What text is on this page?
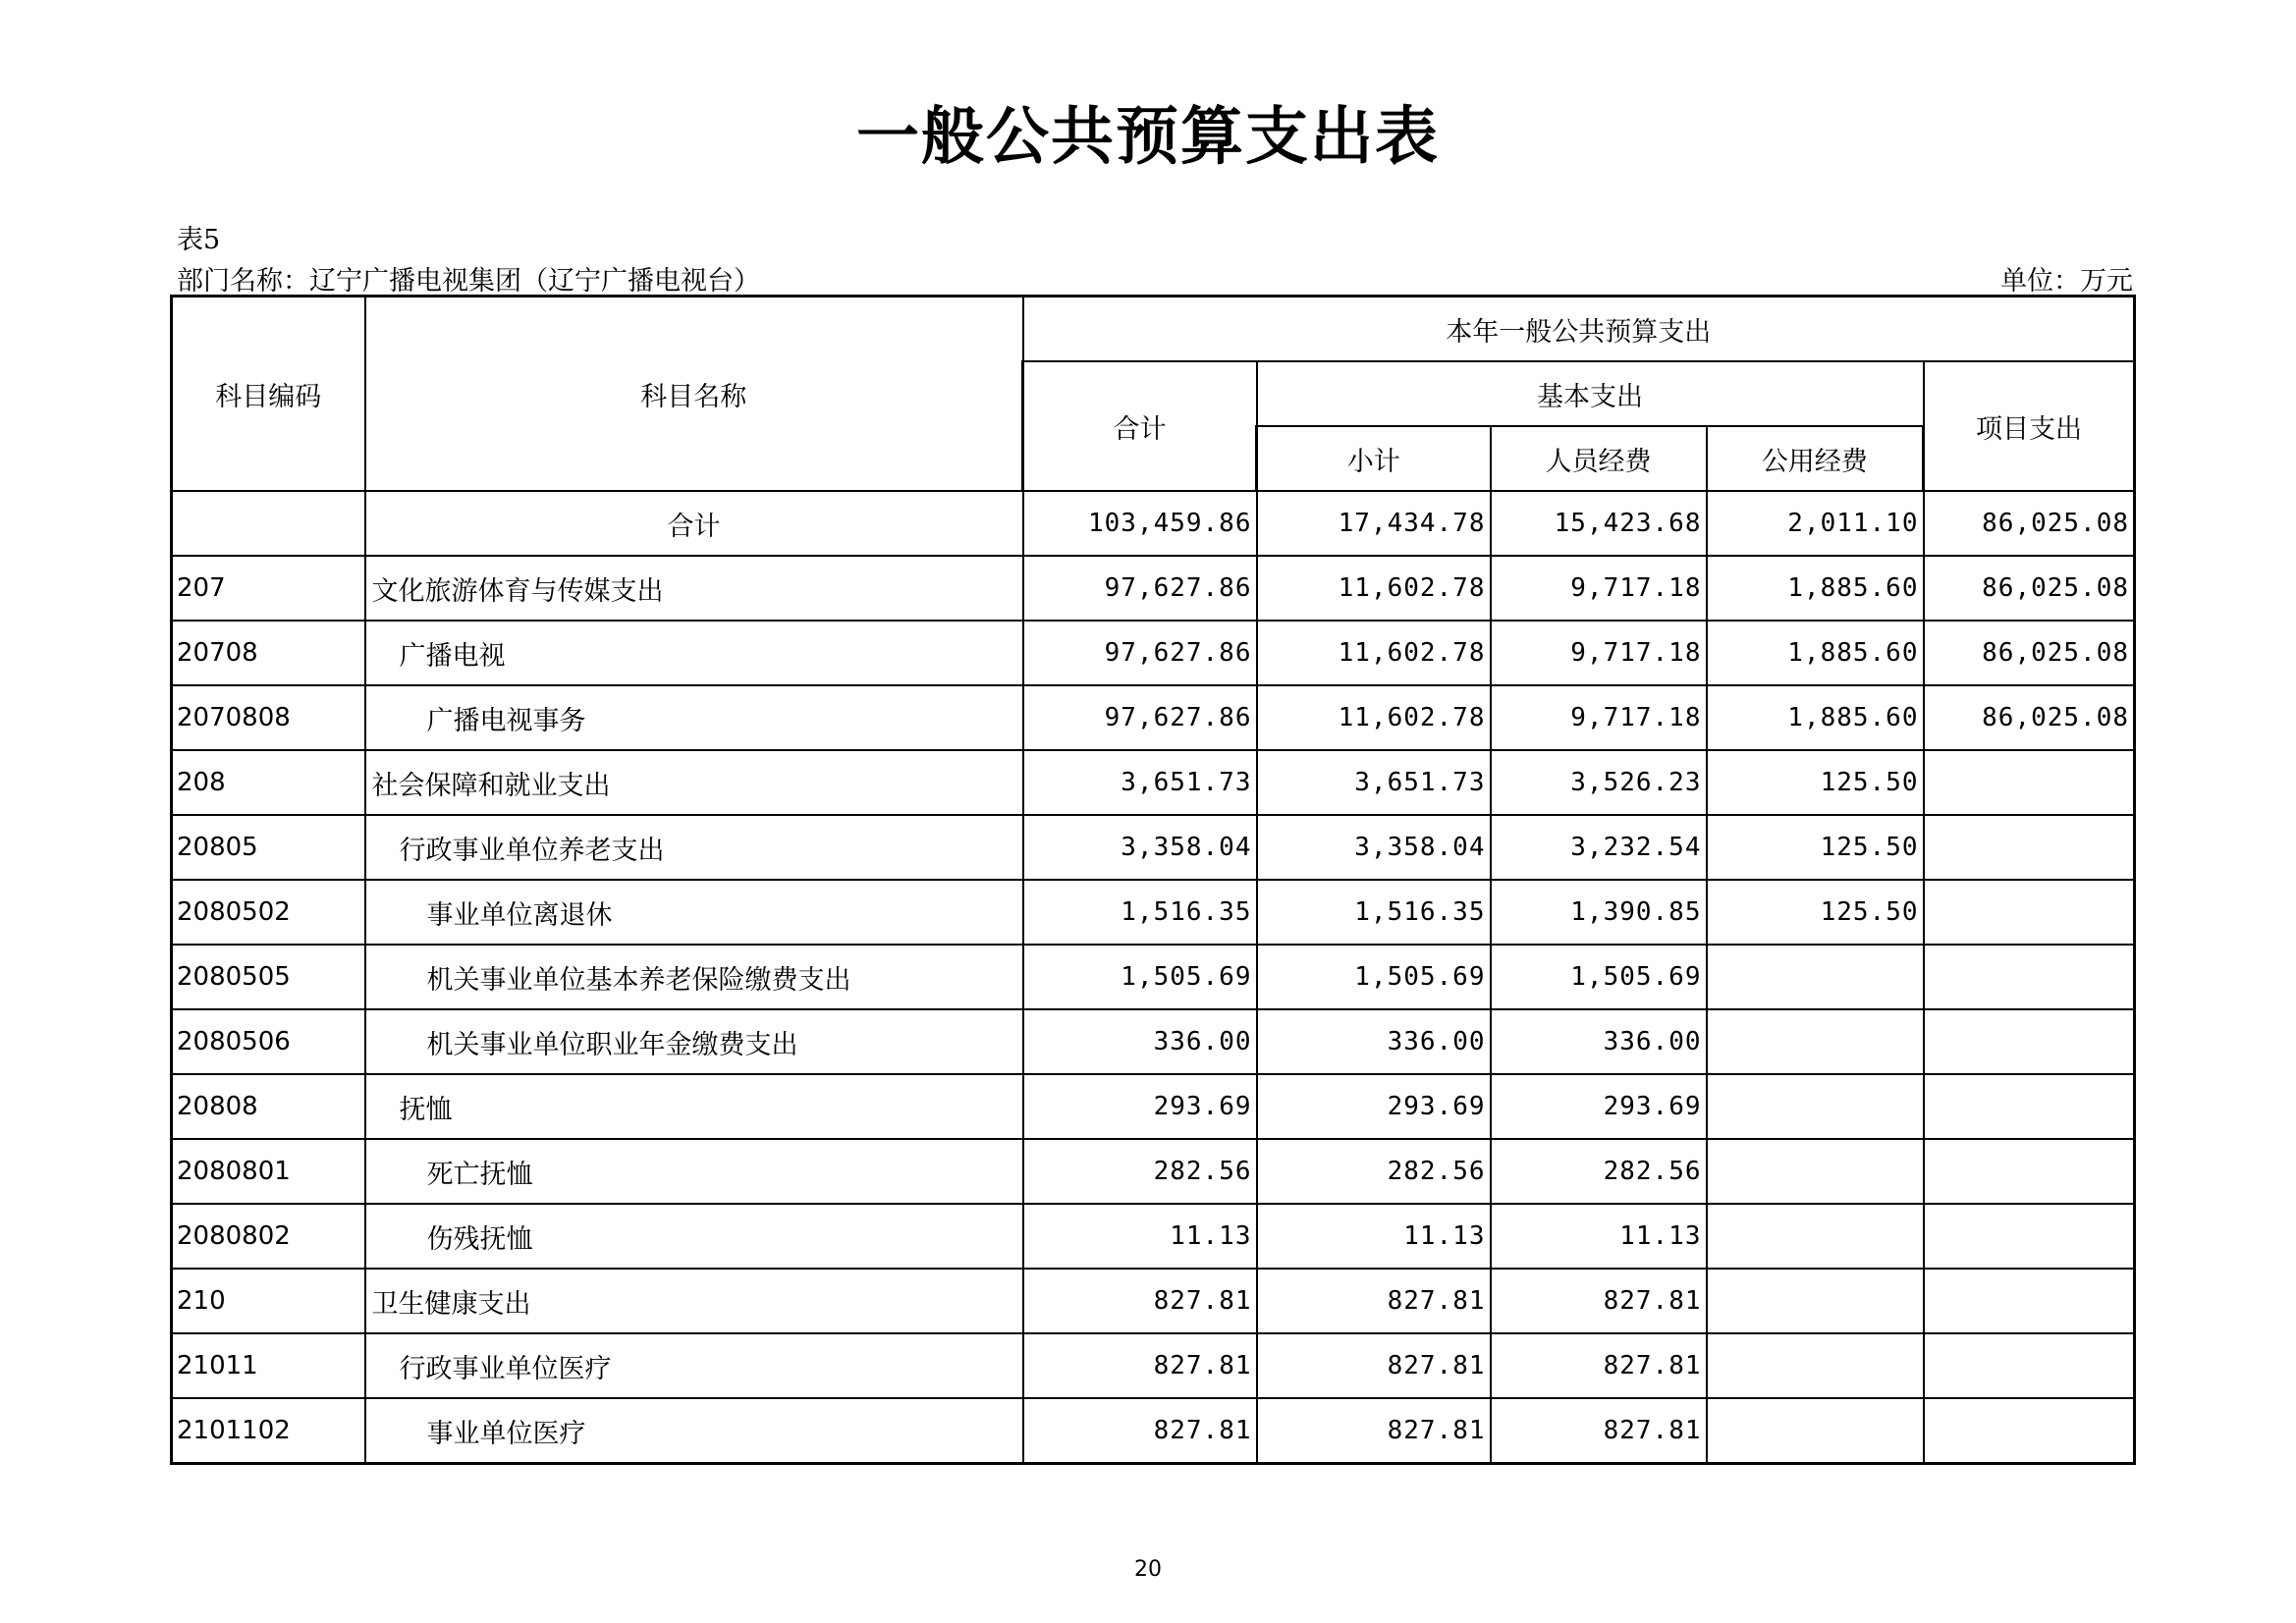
一般公共预算支出表
表5
部门名称：辽宁广播电视集团（辽宁广播电视台）	单位：万元
科目编码	科目名称	本年一般公共预算支出				
		合计	基本支出			项目支出
			小计	人员经费	公用经费	
	合计	103,459.86	17,434.78	15,423.68	2,011.10	86,025.08
207	文化旅游体育与传媒支出	97,627.86	11,602.78	9,717.18	1,885.60	86,025.08
20708	广播电视	97,627.86	11,602.78	9,717.18	1,885.60	86,025.08
2070808	广播电视事务	97,627.86	11,602.78	9,717.18	1,885.60	86,025.08
208	社会保障和就业支出	3,651.73	3,651.73	3,526.23	125.50	
20805	行政事业单位养老支出	3,358.04	3,358.04	3,232.54	125.50	
2080502	事业单位离退休	1,516.35	1,516.35	1,390.85	125.50	
2080505	机关事业单位基本养老保险缴费支出	1,505.69	1,505.69	1,505.69		
2080506	机关事业单位职业年金缴费支出	336.00	336.00	336.00		
20808	抚恤	293.69	293.69	293.69		
2080801	死亡抚恤	282.56	282.56	282.56		
2080802	伤残抚恤	11.13	11.13	11.13		
210	卫生健康支出	827.81	827.81	827.81		
21011	行政事业单位医疗	827.81	827.81	827.81		
2101102	事业单位医疗	827.81	827.81	827.81		
20
